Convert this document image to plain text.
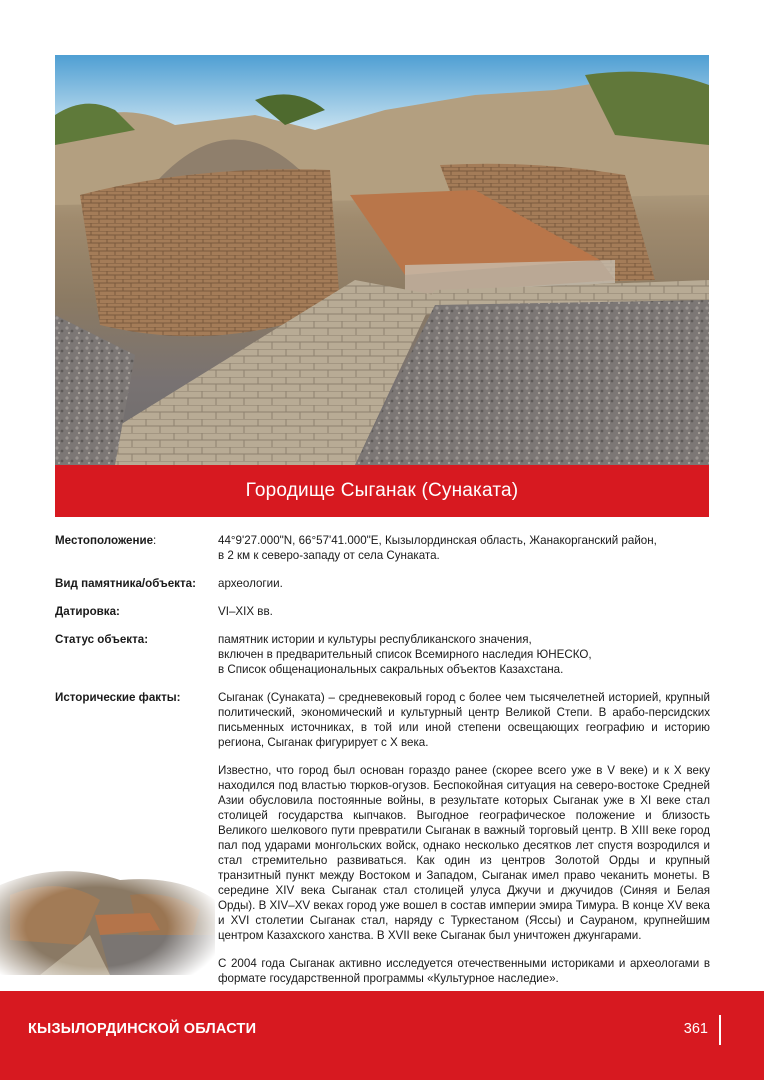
Городище Сыганак (Сунаката)
Местоположение:	44°9'27.000"N, 66°57'41.000"E, Кызылординская область, Жанакорганский район,
в 2 км к северо-западу от села Сунаката.
Вид памятника/объекта:	археологии.
Датировка:	VI–XIX вв.
Статус объекта:	памятник истории и культуры республиканского значения,
включен в предварительный список Всемирного наследия ЮНЕСКО,
в Список общенациональных сакральных объектов Казахстана.
Исторические факты:	Сыганак (Сунаката) – средневековый город с более чем тысячелетней историей, крупный политический, экономический и культурный центр Великой Степи. В арабо-персидских письменных источниках, в той или иной степени освещающих географию и историю региона, Сыганак фигурирует с Х века.

Известно, что город был основан гораздо ранее (скорее всего уже в V веке) и к Х веку находился под властью тюрков-огузов. Беспокойная ситуация на северо-востоке Средней Азии обусловила постоянные войны, в результате которых Сыганак уже в XI веке стал столицей государства кыпчаков. Выгодное географическое положение и близость Великого шелкового пути превратили Сыганак в важный торговый центр. В XIII веке город пал под ударами монгольских войск, однако несколько десятков лет спустя возродился и стал стремительно развиваться. Как один из центров Золотой Орды и крупный транзитный пункт между Востоком и Западом, Сыганак имел право чеканить монеты. В середине XIV века Сыганак стал столицей улуса Джучи и джучидов (Синяя и Белая Орды). В XIV–XV веках город уже вошел в состав империи эмира Тимура. В конце XV века и XVI столетии Сыганак стал, наряду с Туркестаном (Яссы) и Сaураном, крупнейшим центром Казахского ханства. В XVII веке Сыганак был уничтожен джунгарами.

С 2004 года Сыганак активно исследуется отечественными историками и археологами в формате государственной программы «Культурное наследие».

КЫЗЫЛОРДИНСКОЙ ОБЛАСТИ	361
